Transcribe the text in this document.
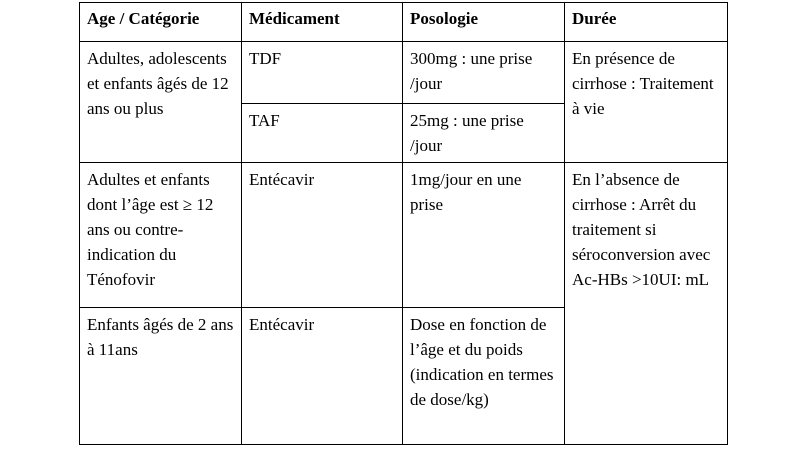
Age / Catégorie	Médicament	Posologie	Durée
Adultes, adolescents et enfants âgés de 12 ans ou plus	TDF	300mg : une prise /jour	En présence de cirrhose : Traitement à vie
	TAF	25mg : une prise /jour	
Adultes et enfants dont l’âge est ≥ 12 ans ou contre-indication du Ténofovir	Entécavir	1mg/jour en une prise	En l’absence de cirrhose : Arrêt du traitement si séroconversion avec Ac-HBs >10UI: mL
Enfants âgés de 2 ans à 11ans	Entécavir	Dose en fonction de l’âge et du poids (indication en termes de dose/kg)	
